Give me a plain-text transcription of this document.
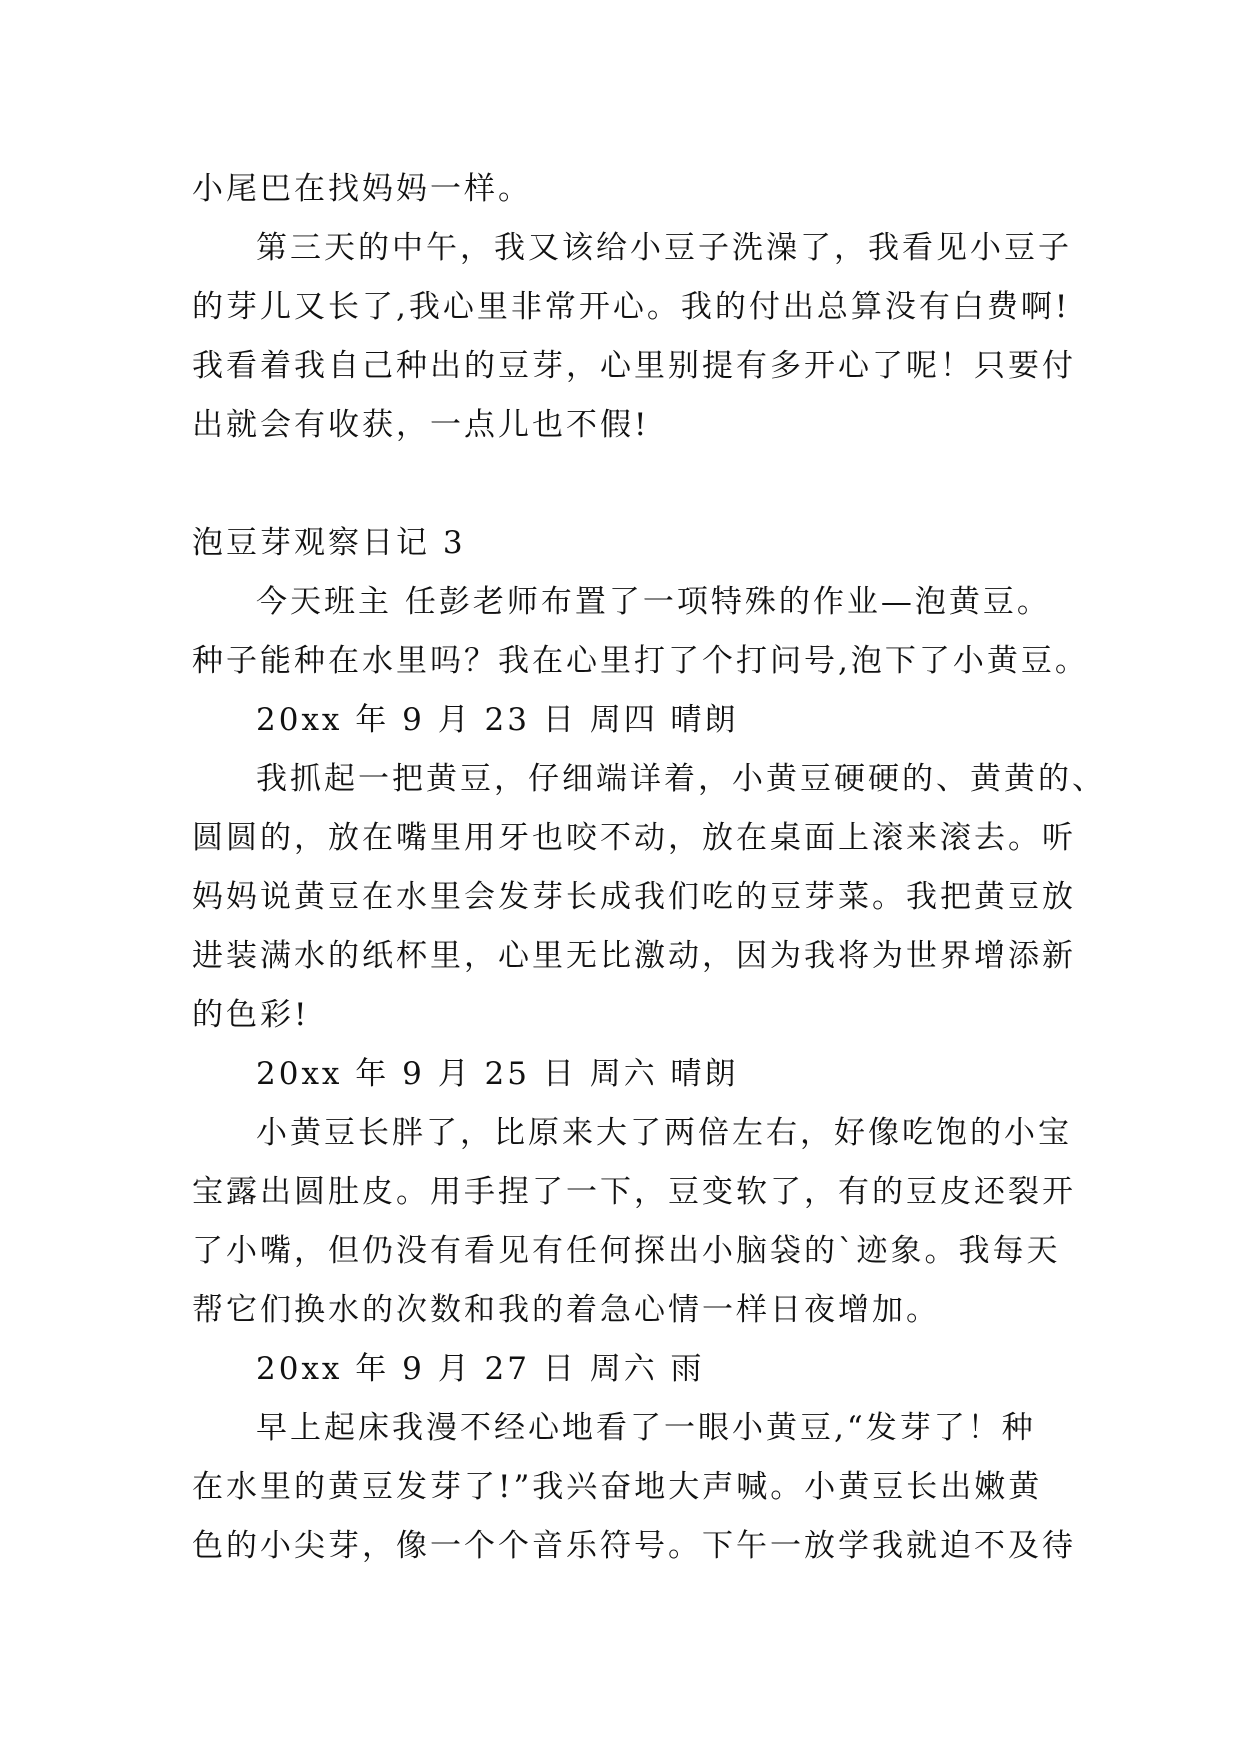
小尾巴在找妈妈一样。
第三天的中午，我又该给小豆子洗澡了，我看见小豆子
的芽儿又长了,我心里非常开心。我的付出总算没有白费啊!
我看着我自己种出的豆芽，心里别提有多开心了呢！只要付
出就会有收获，一点儿也不假!
泡豆芽观察日记 3
今天班主 任彭老师布置了一项特殊的作业—泡黄豆。
种子能种在水里吗？我在心里打了个打问号,泡下了小黄豆。
20xx 年 9 月 23 日 周四 晴朗
我抓起一把黄豆，仔细端详着，小黄豆硬硬的、黄黄的、
圆圆的，放在嘴里用牙也咬不动，放在桌面上滚来滚去。听
妈妈说黄豆在水里会发芽长成我们吃的豆芽菜。我把黄豆放
进装满水的纸杯里，心里无比激动，因为我将为世界增添新
的色彩!
20xx 年 9 月 25 日 周六 晴朗
小黄豆长胖了，比原来大了两倍左右，好像吃饱的小宝
宝露出圆肚皮。用手捏了一下，豆变软了，有的豆皮还裂开
了小嘴，但仍没有看见有任何探出小脑袋的`迹象。我每天
帮它们换水的次数和我的着急心情一样日夜增加。
20xx 年 9 月 27 日 周六 雨
早上起床我漫不经心地看了一眼小黄豆,“发芽了！种
在水里的黄豆发芽了!”我兴奋地大声喊。小黄豆长出嫩黄
色的小尖芽，像一个个音乐符号。下午一放学我就迫不及待
